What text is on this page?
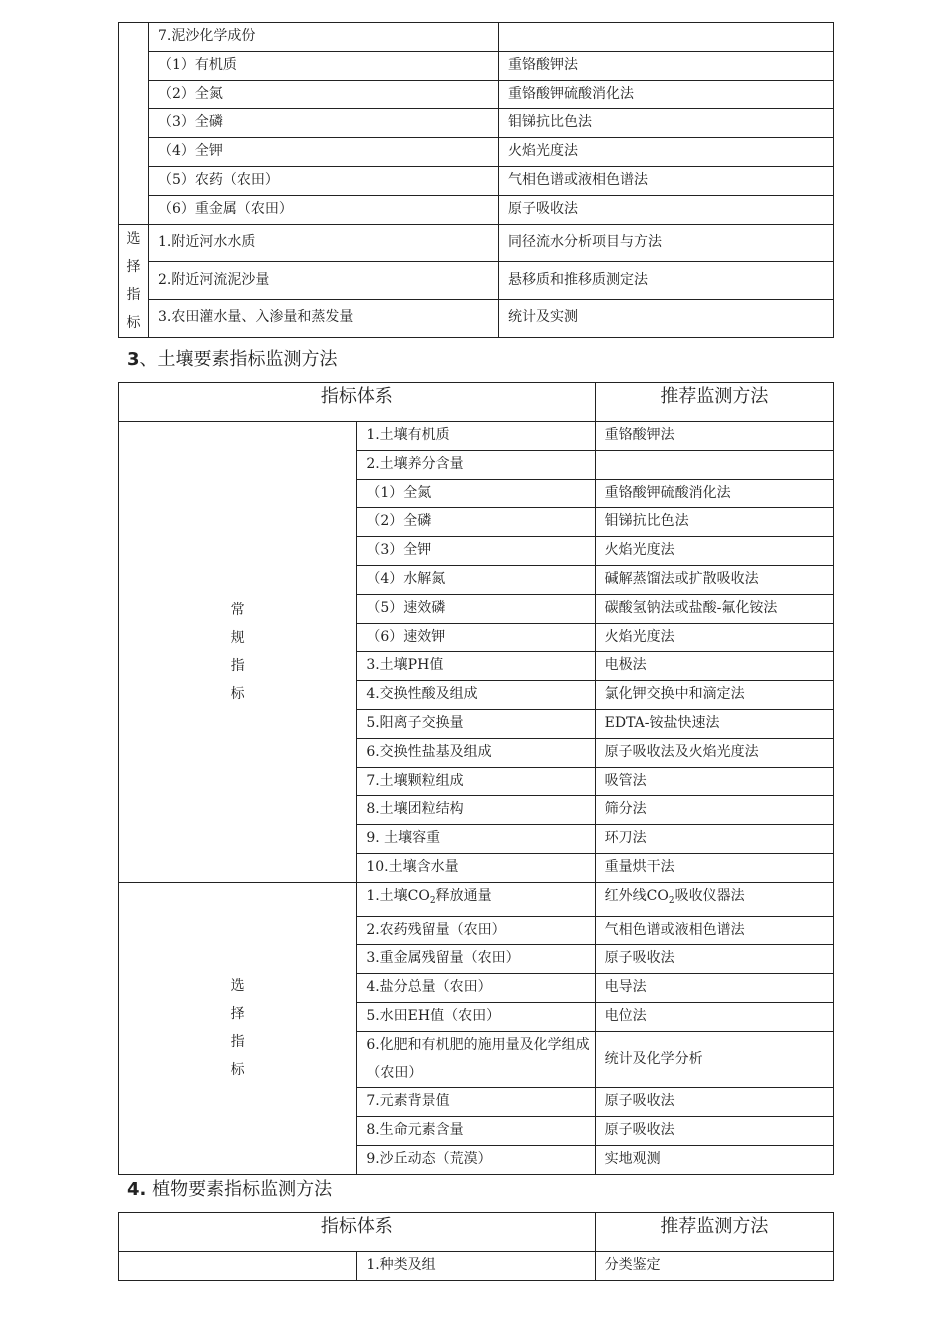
	7.泥沙化学成份	
	（1）有机质	重铬酸钾法
	（2）全氮	重铬酸钾硫酸消化法
	（3）全磷	钼锑抗比色法
	（4）全钾	火焰光度法
	（5）农药（农田）	气相色谱或液相色谱法
	（6）重金属（农田）	原子吸收法

选
择
指
标	1.附近河水水质	同径流水分析项目与方法
	2.附近河流泥沙量	悬移质和推移质测定法
	3.农田灌水量、入渗量和蒸发量	统计及实测
3、土壤要素指标监测方法
指标体系		推荐监测方法

常
规
指
标	1.土壤有机质	重铬酸钾法
	2.土壤养分含量	
	（1）全氮	重铬酸钾硫酸消化法
	（2）全磷	钼锑抗比色法
	（3）全钾	火焰光度法
	（4）水解氮	碱解蒸馏法或扩散吸收法
	（5）速效磷	碳酸氢钠法或盐酸-氟化铵法
	（6）速效钾	火焰光度法
	3.土壤PH值	电极法
	4.交换性酸及组成	氯化钾交换中和滴定法
	5.阳离子交换量	EDTA-铵盐快速法
	6.交换性盐基及组成	原子吸收法及火焰光度法
	7.土壤颗粒组成	吸管法
	8.土壤团粒结构	筛分法
	9. 土壤容重	环刀法
	10.土壤含水量	重量烘干法

选
择
指
标	1.土壤$CO_2$释放通量	红外线$CO_2$吸收仪器法
	2.农药残留量（农田）	气相色谱或液相色谱法
	3.重金属残留量（农田）	原子吸收法
	4.盐分总量（农田）	电导法
	5.水田EH值（农田）	电位法
	6.化肥和有机肥的施用量及化学组成（农田）	统计及化学分析
	7.元素背景值	原子吸收法
	8.生命元素含量	原子吸收法
	9.沙丘动态（荒漠）	实地观测
4. 植物要素指标监测方法
指标体系		推荐监测方法
	1.种类及组	分类鉴定
